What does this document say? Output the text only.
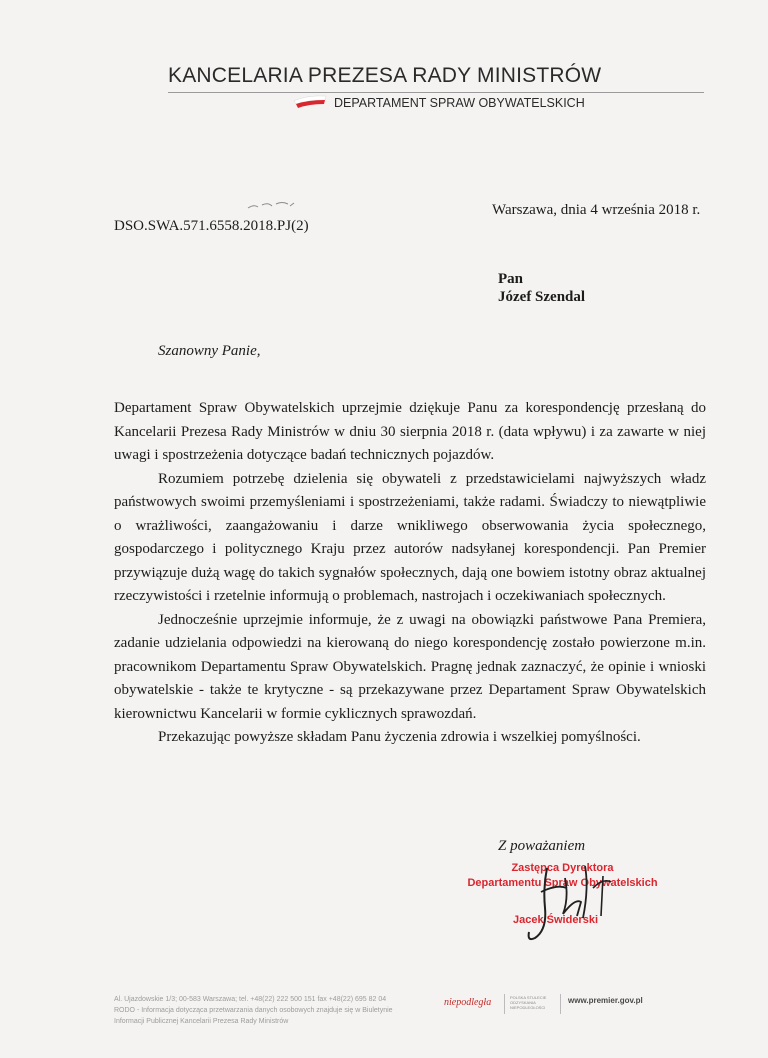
KANCELARIA PREZESA RADY MINISTRÓW
DEPARTAMENT SPRAW OBYWATELSKICH
Warszawa, dnia 4 września 2018 r.
DSO.SWA.571.6558.2018.PJ(2)
Pan
Józef Szendal
Szanowny Panie,

Departament Spraw Obywatelskich uprzejmie dziękuje Panu za korespondencję przesłaną do Kancelarii Prezesa Rady Ministrów w dniu 30 sierpnia 2018 r. (data wpływu) i za zawarte w niej uwagi i spostrzeżenia dotyczące badań technicznych pojazdów.

Rozumiem potrzebę dzielenia się obywateli z przedstawicielami najwyższych władz państwowych swoimi przemyśleniami i spostrzeżeniami, także radami. Świadczy to niewątpliwie o wrażliwości, zaangażowaniu i darze wnikliwego obserwowania życia społecznego, gospodarczego i politycznego Kraju przez autorów nadsyłanej korespondencji. Pan Premier przywiązuje dużą wagę do takich sygnałów społecznych, dają one bowiem istotny obraz aktualnej rzeczywistości i rzetelnie informują o problemach, nastrojach i oczekiwaniach społecznych.

Jednocześnie uprzejmie informuje, że z uwagi na obowiązki państwowe Pana Premiera, zadanie udzielania odpowiedzi na kierowaną do niego korespondencję zostało powierzone m.in. pracownikom Departamentu Spraw Obywatelskich. Pragnę jednak zaznaczyć, że opinie i wnioski obywatelskie - także te krytyczne - są przekazywane przez Departament Spraw Obywatelskich kierownictwu Kancelarii w formie cyklicznych sprawozdań.

Przekazując powyższe składam Panu życzenia zdrowia i wszelkiej pomyślności.

Z poważaniem
Zastępca Dyrektora
Departamentu Spraw Obywatelskich
Jacek Świderski
Al. Ujazdowskie 1/3; 00-583 Warszawa; tel. +48(22) 222 500 151 fax +48(22) 695 82 04
RODO - Informacja dotycząca przetwarzania danych osobowych znajduje się w Biuletynie
Informacji Publicznej Kancelarii Prezesa Rady Ministrów
niepodległa	POLSKA STULECIE ODZYSKANIA NIEPODLEGŁOŚCI
www.premier.gov.pl
